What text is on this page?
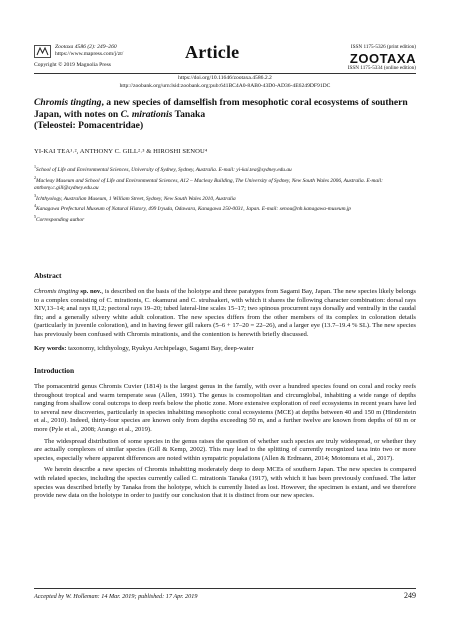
Zootaxa 4586 (2): 249–260
https://www.mapress.com/j/zt/
Copyright © 2019 Magnolia Press
Article	ISSN 1175-5326 (print edition)
ZOOTAXA
ISSN 1175-5334 (online edition)
https://doi.org/10.11646/zootaxa.4586.2.2
http://zoobank.org/urn:lsid:zoobank.org:pub:641BC4A0-8AB0-43D0-AD36-4E6249DF91DC
Chromis tingting, a new species of damselfish from mesophotic coral ecosystems of southern Japan, with notes on C. mirationis Tanaka
(Teleostei: Pomacentridae)
YI-KAI TEA¹˒², ANTHONY C. GILL²˒³ & HIROSHI SENOU⁴
$^1$School of Life and Environmental Sciences, University of Sydney, Sydney, Australia. E-mail: yi-kai.tea@sydney.edu.au
$^2$Macleay Museum and School of Life and Environmental Sciences, A12 – Macleay Building, The University of Sydney, New South Wales 2006, Australia. E-mail: anthony.c.gill@sydney.edu.au
$^3$Ichthyology, Australian Museum, 1 William Street, Sydney, New South Wales 2010, Australia
$^4$Kanagawa Prefectural Museum of Natural History, 499 Iryuda, Odawara, Kanagawa 250-0031, Japan. E-mail: senou@nh.kanagawa-museum.jp
$^5$Corresponding author
Abstract
Chromis tingting sp. nov., is described on the basis of the holotype and three paratypes from Sagami Bay, Japan. The new species likely belongs to a complex consisting of C. mirationis, C. okamurai and C. struhsakeri, with which it shares the following character combination: dorsal rays XIV,13–14; anal rays II,12; pectoral rays 19–20; tubed lateral-line scales 15–17; two spinous procurrent rays dorsally and ventrally in the caudal fin; and a generally silvery white adult coloration. The new species differs from the other members of its complex in coloration details (particularly in juvenile coloration), and in having fewer gill rakers (5–6 + 17–20 = 22–26), and a larger eye (13.7–19.4 % SL). The new species has previously been confused with Chromis mirationis, and the contention is herewith briefly discussed.
Key words: taxonomy, ichthyology, Ryukyu Archipelago, Sagami Bay, deep-water
Introduction

The pomacentrid genus Chromis Cuvier (1814) is the largest genus in the family, with over a hundred species found on coral and rocky reefs throughout tropical and warm temperate seas (Allen, 1991). The genus is cosmopolitan and circumglobal, inhabiting a wide range of depths ranging from shallow coral outcrops to deep reefs below the photic zone. More extensive exploration of reef ecosystems in recent years have led to several new discoveries, particularly in species inhabiting mesophotic coral ecosystems (MCE) at depths between 40 and 150 m (Hinderstein et al., 2010). Indeed, thirty-four species are known only from depths exceeding 50 m, and a further twelve are known from depths of 60 m or more (Pyle et al., 2008; Arango et al., 2019).

The widespread distribution of some species in the genus raises the question of whether such species are truly widespread, or whether they are actually complexes of similar species (Gill & Kemp, 2002). This may lead to the splitting of currently recognized taxa into two or more species, especially where apparent differences are noted within sympatric populations (Allen & Erdmann, 2014; Motomura et al., 2017).

We herein describe a new species of Chromis inhabiting moderately deep to deep MCEs of southern Japan. The new species is compared with related species, including the species currently called C. mirationis Tanaka (1917), with which it has been previously confused. The latter species was described briefly by Tanaka from the holotype, which is currently listed as lost. However, the specimen is extant, and we therefore provide new data on the holotype in order to justify our conclusion that it is distinct from our new species.

Accepted by W. Holleman: 14 Mar. 2019; published: 17 Apr. 2019	249
